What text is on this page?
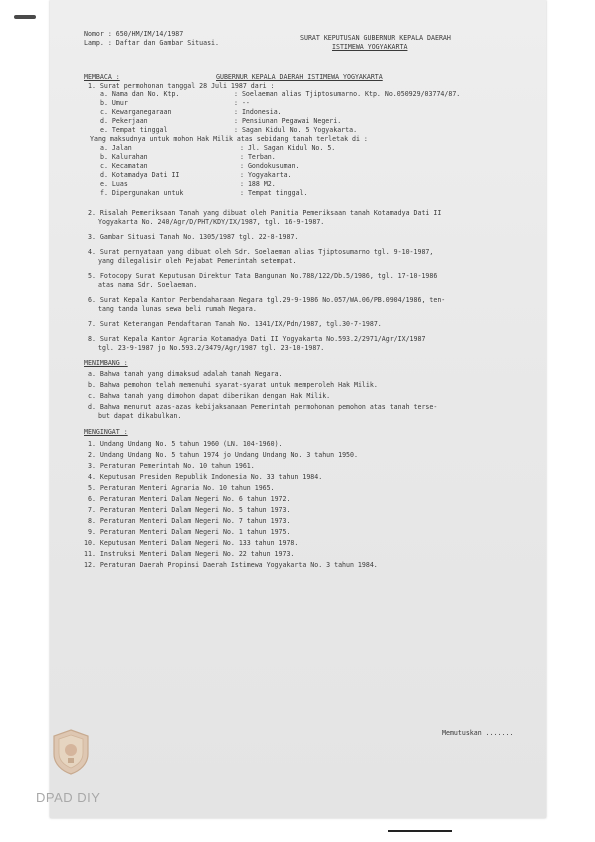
Nomor : 650/HM/IM/14/1987
Lamp. : Daftar dan Gambar Situasi.
SURAT KEPUTUSAN GUBERNUR KEPALA DAERAH
ISTIMEWA YOGYAKARTA
MEMBACA :	GUBERNUR KEPALA DAERAH ISTIMEWA YOGYAKARTA
1. Surat permohonan tanggal 28 Juli 1987 dari :
a. Nama dan No. Ktp.	: Soelaeman alias Tjiptosumarno. Ktp. No.050929/03774/87.
b. Umur	: --
c. Kewarganegaraan	: Indonesia.
d. Pekerjaan	: Pensiunan Pegawai Negeri.
e. Tempat tinggal	: Sagan Kidul No. 5 Yogyakarta.
Yang maksudnya untuk mohon Hak Milik atas sebidang tanah terletak di :
a. Jalan	: Jl. Sagan Kidul No. 5.
b. Kalurahan	: Terban.
c. Kecamatan	: Gondokusuman.
d. Kotamadya Dati II	: Yogyakarta.
e. Luas	: 188 M2.
f. Dipergunakan untuk	: Tempat tinggal.
2. Risalah Pemeriksaan Tanah yang dibuat oleh Panitia Pemeriksaan tanah Kotamadya Dati II
Yogyakarta No. 240/Agr/D/PHT/KDY/IX/1987, tgl. 16-9-1987.
3. Gambar Situasi Tanah No. 1305/1987 tgl. 22-8-1987.
4. Surat pernyataan yang dibuat oleh Sdr. Soelaeman alias Tjiptosumarno tgl. 9-10-1987,
yang dilegalisir oleh Pejabat Pemerintah setempat.
5. Fotocopy Surat Keputusan Direktur Tata Bangunan No.788/122/Db.5/1986, tgl. 17-10-1986
atas nama Sdr. Soelaeman.
6. Surat Kepala Kantor Perbendaharaan Negara tgl.29-9-1986 No.057/WA.06/PB.0904/1986, ten-
tang tanda lunas sewa beli rumah Negara.
7. Surat Keterangan Pendaftaran Tanah No. 1341/IX/Pdn/1987, tgl.30-7-1987.
8. Surat Kepala Kantor Agraria Kotamadya Dati II Yogyakarta No.593.2/2971/Agr/IX/1987
tgl. 23-9-1987 jo No.593.2/3479/Agr/1987 tgl. 23-10-1987.
MENIMBANG :
a. Bahwa tanah yang dimaksud adalah tanah Negara.
b. Bahwa pemohon telah memenuhi syarat-syarat untuk memperoleh Hak Milik.
c. Bahwa tanah yang dimohon dapat diberikan dengan Hak Milik.
d. Bahwa menurut azas-azas kebijaksanaan Pemerintah permohonan pemohon atas tanah terse-
but dapat dikabulkan.
MENGINGAT :
1. Undang Undang No. 5 tahun 1960 (LN. 104-1960).
2. Undang Undang No. 5 tahun 1974 jo Undang Undang No. 3 tahun 1950.
3. Peraturan Pemerintah No. 10 tahun 1961.
4. Keputusan Presiden Republik Indonesia No. 33 tahun 1984.
5. Peraturan Menteri Agraria No. 10 tahun 1965.
6. Peraturan Menteri Dalam Negeri No. 6 tahun 1972.
7. Peraturan Menteri Dalam Negeri No. 5 tahun 1973.
8. Peraturan Menteri Dalam Negeri No. 7 tahun 1973.
9. Peraturan Menteri Dalam Negeri No. 1 tahun 1975.
10. Keputusan Menteri Dalam Negeri No. 133 tahun 1978.
11. Instruksi Menteri Dalam Negeri No. 22 tahun 1973.
12. Peraturan Daerah Propinsi Daerah Istimewa Yogyakarta No. 3 tahun 1984.
Memutuskan .......
DPAD DIY
